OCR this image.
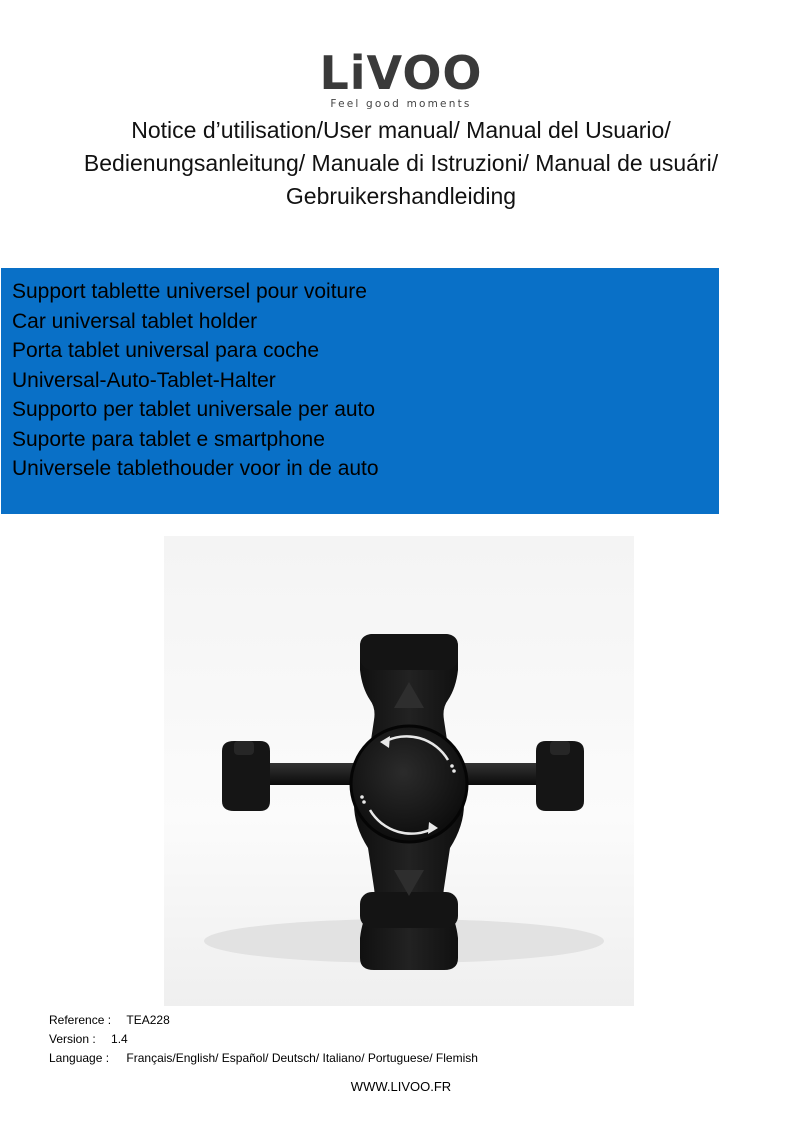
LiVOO
Feel good moments
Notice d’utilisation/User manual/ Manual del Usuario/
Bedienungsanleitung/ Manuale di Istruzioni/ Manual de usuári/
Gebruikershandleiding
Support tablette universel pour voiture
Car universal tablet holder
Porta tablet universal para coche
Universal-Auto-Tablet-Halter
Supporto per tablet universale per auto
Suporte para tablet e smartphone
Universele tablethouder voor in de auto
Reference : TEA228
Version : 1.4
Language : Français/English/ Español/ Deutsch/ Italiano/ Portuguese/ Flemish
WWW.LIVOO.FR
